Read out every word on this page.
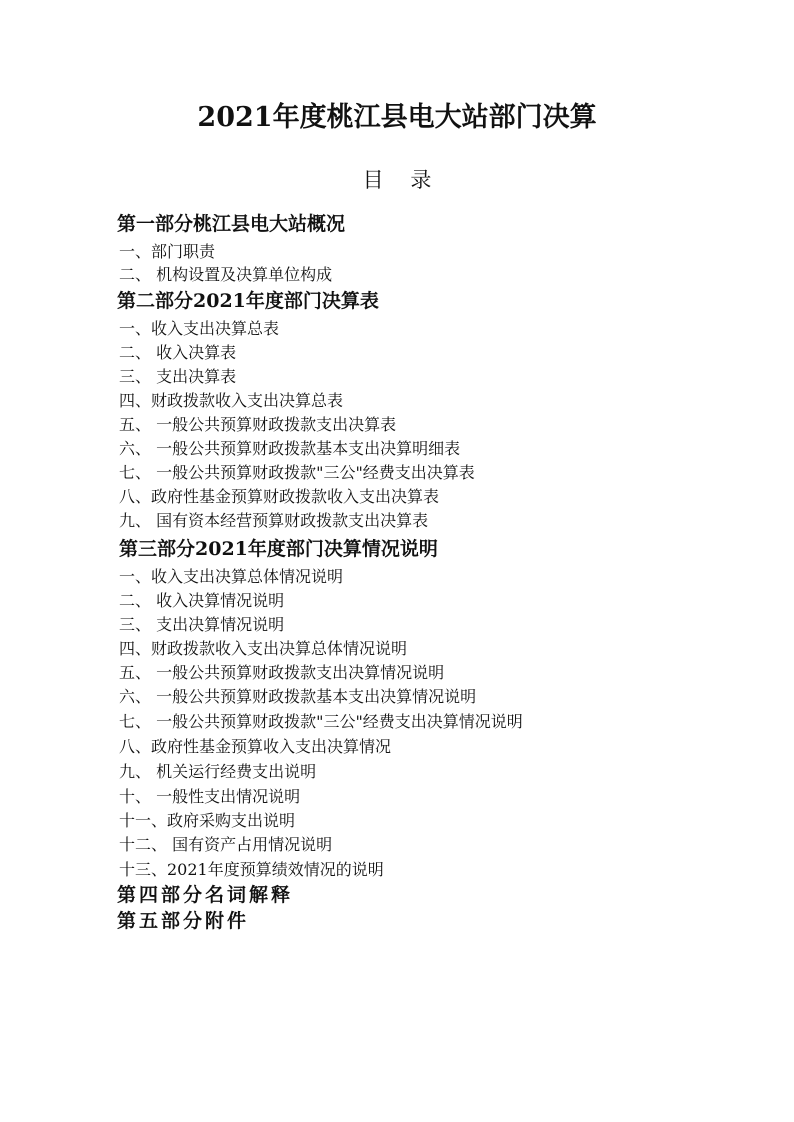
2021年度桃江县电大站部门决算
目 录
第一部分桃江县电大站概况
一、部门职责
二、 机构设置及决算单位构成
第二部分2021年度部门决算表
一、收入支出决算总表
二、 收入决算表
三、 支出决算表
四、财政拨款收入支出决算总表
五、 一般公共预算财政拨款支出决算表
六、 一般公共预算财政拨款基本支出决算明细表
七、 一般公共预算财政拨款"三公"经费支出决算表
八、政府性基金预算财政拨款收入支出决算表
九、 国有资本经营预算财政拨款支出决算表
第三部分2021年度部门决算情况说明
一、收入支出决算总体情况说明
二、 收入决算情况说明
三、 支出决算情况说明
四、财政拨款收入支出决算总体情况说明
五、 一般公共预算财政拨款支出决算情况说明
六、 一般公共预算财政拨款基本支出决算情况说明
七、 一般公共预算财政拨款"三公"经费支出决算情况说明
八、政府性基金预算收入支出决算情况
九、 机关运行经费支出说明
十、 一般性支出情况说明
十一、政府采购支出说明
十二、 国有资产占用情况说明
十三、2021年度预算绩效情况的说明
第四部分名词解释
第五部分附件
